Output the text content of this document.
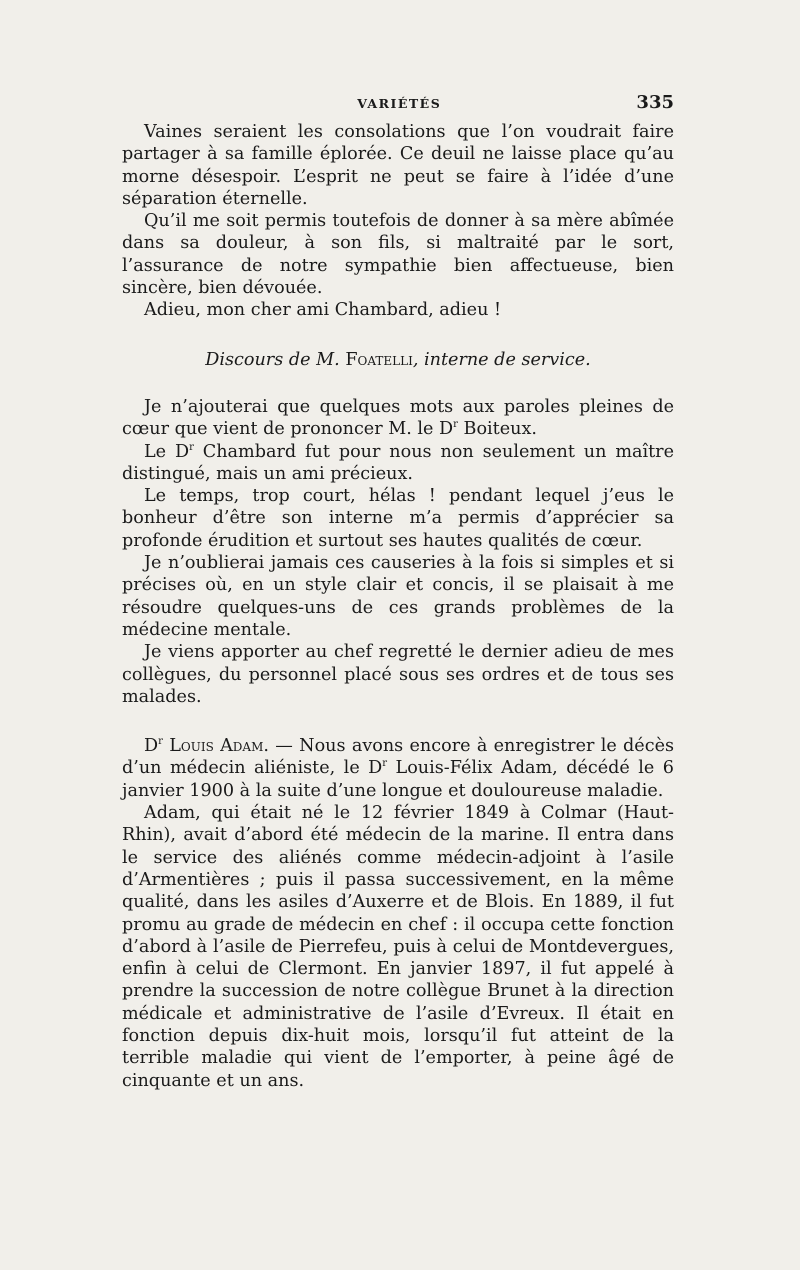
VARIÉTÉS	335

Vaines seraient les consolations que l’on voudrait faire partager à sa famille éplorée. Ce deuil ne laisse place qu’au morne désespoir. L’esprit ne peut se faire à l’idée d’une séparation éternelle.

Qu’il me soit permis toutefois de donner à sa mère abîmée dans sa douleur, à son fils, si maltraité par le sort, l’assurance de notre sympathie bien affectueuse, bien sincère, bien dévouée.

Adieu, mon cher ami Chambard, adieu !

Discours de M. Foatelli, interne de service.

Je n’ajouterai que quelques mots aux paroles pleines de cœur que vient de prononcer M. le $D^r$ Boiteux.

Le $D^r$ Chambard fut pour nous non seulement un maître distingué, mais un ami précieux.

Le temps, trop court, hélas ! pendant lequel j’eus le bonheur d’être son interne m’a permis d’apprécier sa profonde érudition et surtout ses hautes qualités de cœur.

Je n’oublierai jamais ces causeries à la fois si simples et si précises où, en un style clair et concis, il se plaisait à me résoudre quelques-uns de ces grands problèmes de la médecine mentale.

Je viens apporter au chef regretté le dernier adieu de mes collègues, du personnel placé sous ses ordres et de tous ses malades.

$D^r$ Louis Adam. — Nous avons encore à enregistrer le décès d’un médecin aliéniste, le $D^r$ Louis-Félix Adam, décédé le 6 janvier 1900 à la suite d’une longue et douloureuse maladie.

Adam, qui était né le 12 février 1849 à Colmar (Haut-Rhin), avait d’abord été médecin de la marine. Il entra dans le service des aliénés comme médecin-adjoint à l’asile d’Armentières ; puis il passa successivement, en la même qualité, dans les asiles d’Auxerre et de Blois. En 1889, il fut promu au grade de médecin en chef : il occupa cette fonction d’abord à l’asile de Pierrefeu, puis à celui de Montdevergues, enfin à celui de Clermont. En janvier 1897, il fut appelé à prendre la succession de notre collègue Brunet à la direction médicale et administrative de l’asile d’Evreux. Il était en fonction depuis dix-huit mois, lorsqu’il fut atteint de la terrible maladie qui vient de l’emporter, à peine âgé de cinquante et un ans.
